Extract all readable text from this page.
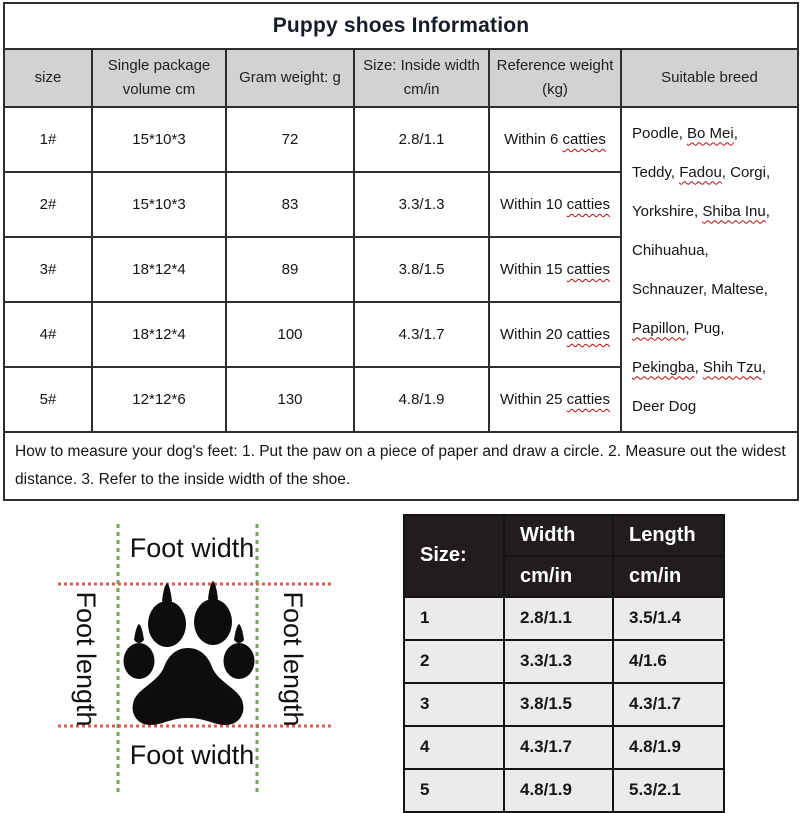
Puppy shoes Information					
size	Single package volume cm	Gram weight: g	Size: Inside width cm/in	Reference weight (kg)	Suitable breed
1#	15*10*3	72	2.8/1.1	Within 6 catties	Poodle, Bo Mei,
Teddy, Fadou, Corgi,
Yorkshire, Shiba Inu,
Chihuahua,
Schnauzer, Maltese,
Papillon, Pug,
Pekingba, Shih Tzu,
Deer Dog

2#	15*10*3	83	3.3/1.3	Within 10 catties	
3#	18*12*4	89	3.8/1.5	Within 15 catties	
4#	18*12*4	100	4.3/1.7	Within 20 catties	
5#	12*12*6	130	4.8/1.9	Within 25 catties	
How to measure your dog's feet: 1. Put the paw on a piece of paper and draw a circle. 2. Measure out the widest distance. 3. Refer to the inside width of the shoe.					
Foot width
Foot width
Foot length	Foot length
Size:	Width	Length
	cm/in	cm/in
1	2.8/1.1	3.5/1.4
2	3.3/1.3	4/1.6
3	3.8/1.5	4.3/1.7
4	4.3/1.7	4.8/1.9
5	4.8/1.9	5.3/2.1
